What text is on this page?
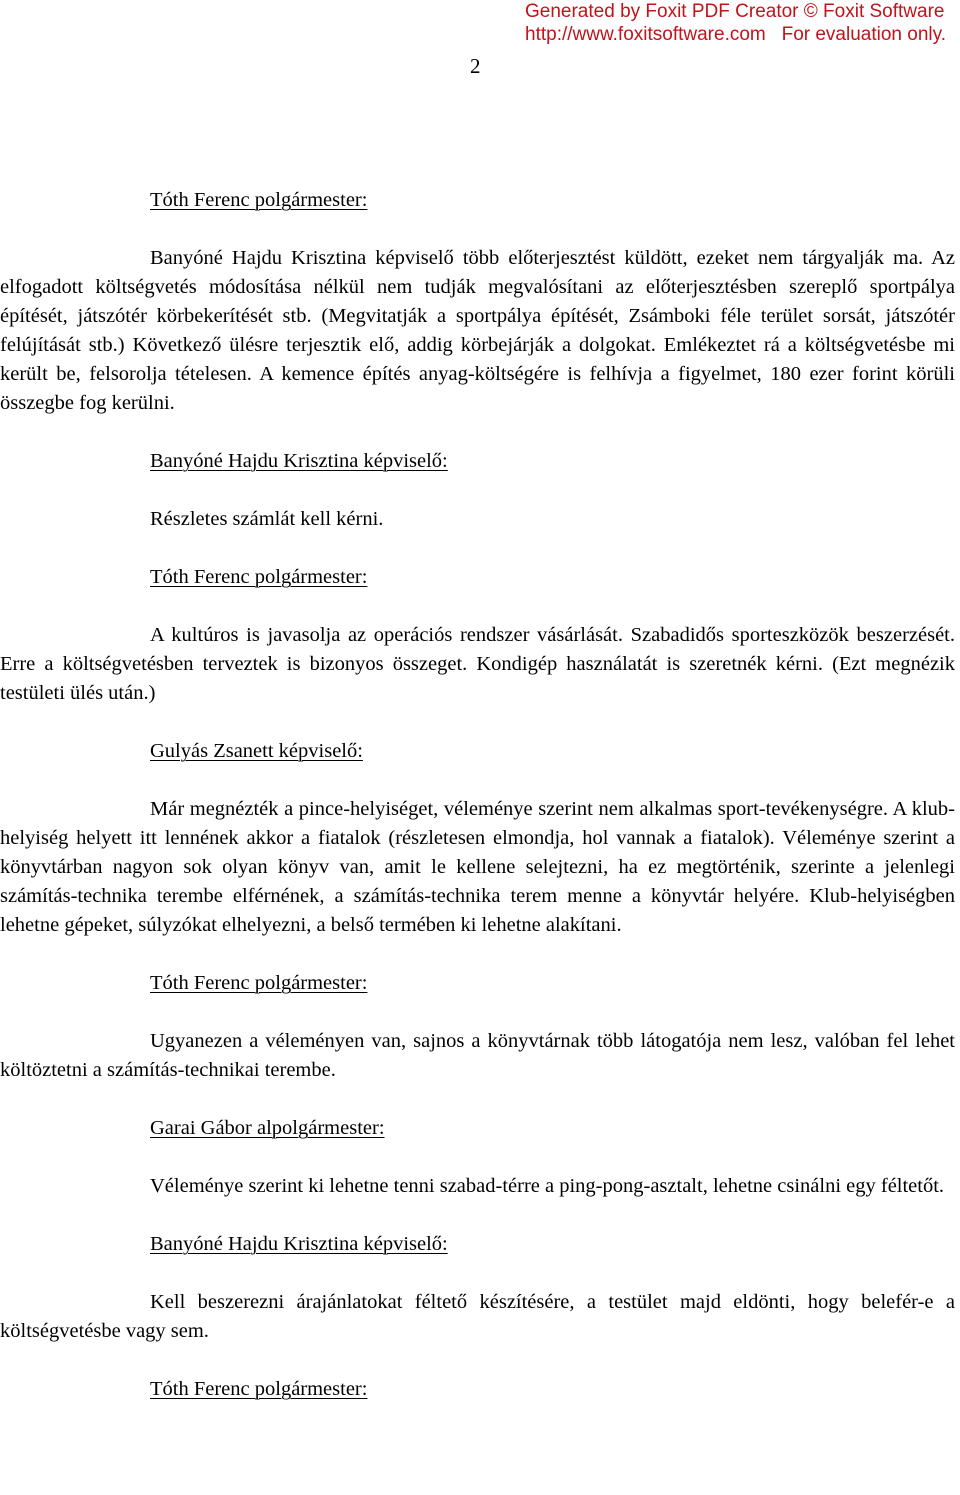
Generated by Foxit PDF Creator © Foxit Software
http://www.foxitsoftware.com   For evaluation only.
2
Tóth Ferenc polgármester:

Banyóné Hajdu Krisztina képviselő több előterjesztést küldött, ezeket nem tárgyalják ma. Az elfogadott költségvetés módosítása nélkül nem tudják megvalósítani az előterjesztésben szereplő sportpálya építését, játszótér körbekerítését stb. (Megvitatják a sportpálya építését, Zsámboki féle terület sorsát, játszótér felújítását stb.) Következő ülésre terjesztik elő, addig körbejárják a dolgokat. Emlékeztet rá a költségvetésbe mi került be, felsorolja tételesen. A kemence építés anyag-költségére is felhívja a figyelmet, 180 ezer forint körüli összegbe fog kerülni.

Banyóné Hajdu Krisztina képviselő:

Részletes számlát kell kérni.

Tóth Ferenc polgármester:

A kultúros is javasolja az operációs rendszer vásárlását. Szabadidős sporteszközök beszerzését. Erre a költségvetésben terveztek is bizonyos összeget. Kondigép használatát is szeretnék kérni. (Ezt megnézik testületi ülés után.)

Gulyás Zsanett képviselő:

Már megnézték a pince-helyiséget, véleménye szerint nem alkalmas sport-tevékenységre. A klub-helyiség helyett itt lennének akkor a fiatalok (részletesen elmondja, hol vannak a fiatalok). Véleménye szerint a könyvtárban nagyon sok olyan könyv van, amit le kellene selejtezni, ha ez megtörténik, szerinte a jelenlegi számítás-technika terembe elférnének, a számítás-technika terem menne a könyvtár helyére. Klub-helyiségben lehetne gépeket, súlyzókat elhelyezni, a belső termében ki lehetne alakítani.

Tóth Ferenc polgármester:

Ugyanezen a véleményen van, sajnos a könyvtárnak több látogatója nem lesz, valóban fel lehet költöztetni a számítás-technikai terembe.

Garai Gábor alpolgármester:

Véleménye szerint ki lehetne tenni szabad-térre a ping-pong-asztalt, lehetne csinálni egy féltetőt.

Banyóné Hajdu Krisztina képviselő:

Kell beszerezni árajánlatokat féltető készítésére, a testület majd eldönti, hogy belefér-e a költségvetésbe vagy sem.

Tóth Ferenc polgármester:
